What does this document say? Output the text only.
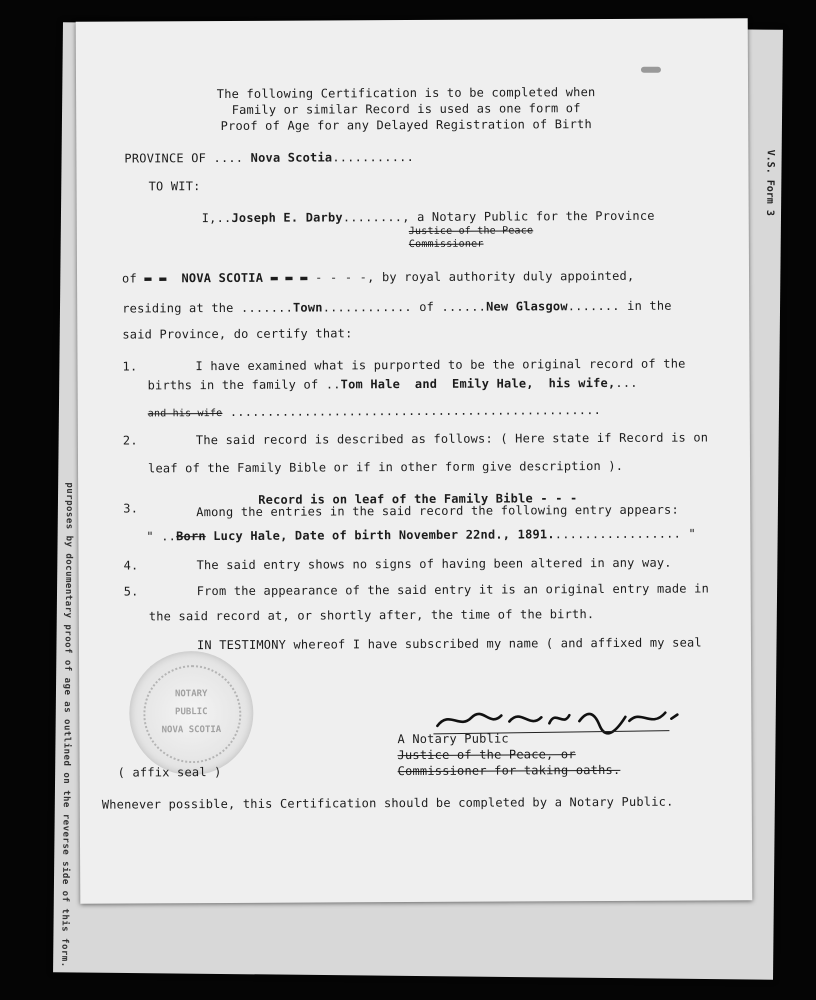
V.S. Form 3
purposes by documentary proof of age as outlined on the reverse side of this form.
The following Certification is to be completed when
Family or similar Record is used as one form of
Proof of Age for any Delayed Registration of Birth
PROVINCE OF .... Nova Scotia...........
TO WIT:
I,..Joseph E. Darby........, a Notary Public for the Province
Justice of the Peace
Commissioner
of ▬ ▬  NOVA SCOTIA ▬ ▬ ▬ - - - -, by royal authority duly appointed,
residing at the .......Town............ of ......New Glasgow....... in the
said Province, do certify that:
1.	I have examined what is purported to be the original record of the
births in the family of ..Tom Hale  and  Emily Hale,  his wife,...
and his wife ..................................................
2.	The said record is described as follows: ( Here state if Record is on
leaf of the Family Bible or if in other form give description ).
Record is on leaf of the Family Bible - - -
3.	Among the entries in the said record the following entry appears:
" ..Born Lucy Hale, Date of birth November 22nd., 1891.................. "
4.	The said entry shows no signs of having been altered in any way.
5.	From the appearance of the said entry it is an original entry made in
the said record at, or shortly after, the time of the birth.
IN TESTIMONY whereof I have subscribed my name ( and affixed my seal
NOTARY
PUBLIC
NOVA SCOTIA
A Notary Public
Justice of the Peace, or
Commissioner for taking oaths.
( affix seal )
Whenever possible, this Certification should be completed by a Notary Public.
